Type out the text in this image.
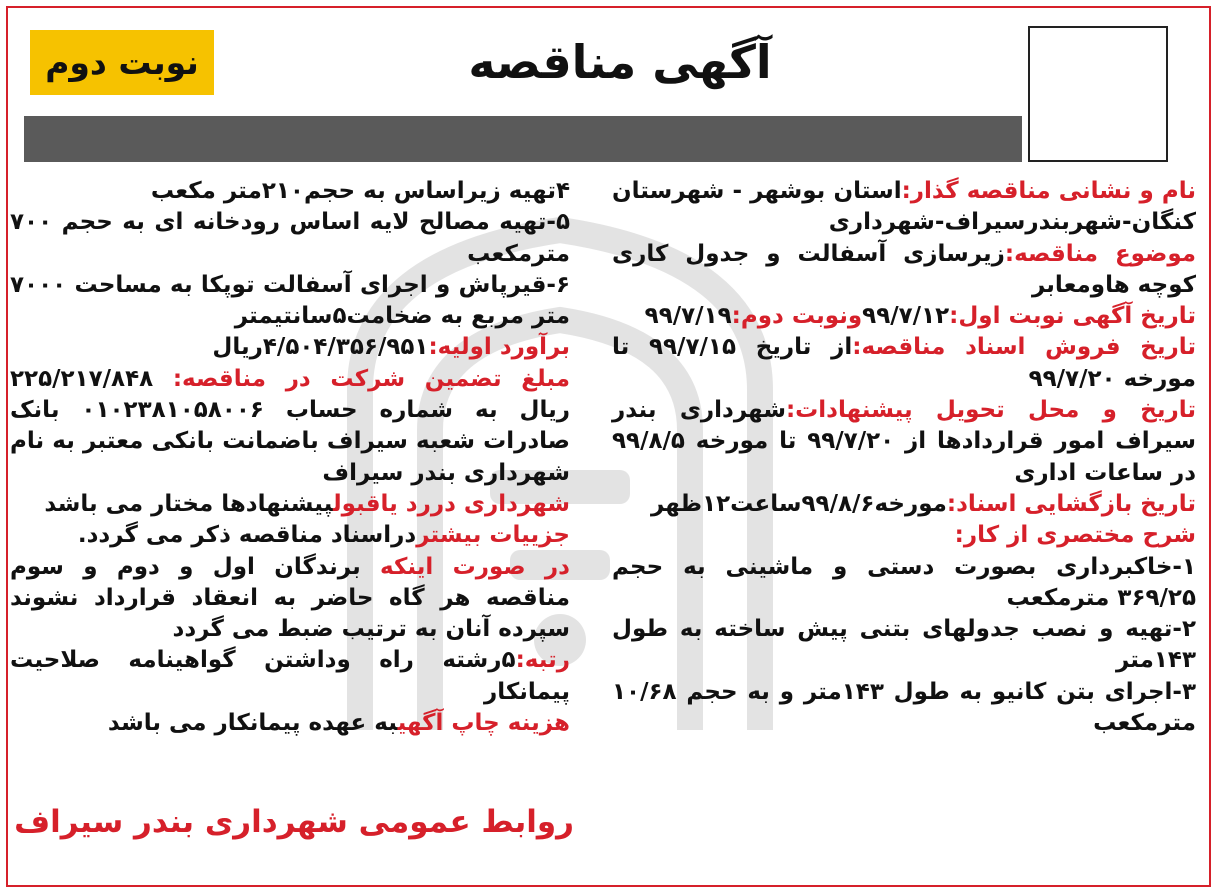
نوبت دوم	آگهی مناقصه

نام و نشانی مناقصه گذار:استان بوشهر - شهرستان کنگان-شهربندرسیراف-شهرداری

موضوع مناقصه:زیرسازی آسفالت و جدول کاری کوچه هاومعابر

تاریخ آگهی نوبت اول:۹۹/۷/۱۲ونوبت دوم:۹۹/۷/۱۹

تاریخ فروش اسناد مناقصه:از تاریخ ۹۹/۷/۱۵ تا مورخه ۹۹/۷/۲۰

تاریخ و محل تحویل پیشنهادات:شهرداری بندر سیراف امور قراردادها از ۹۹/۷/۲۰ تا مورخه ۹۹/۸/۵ در ساعات اداری

تاریخ بازگشایی اسناد:مورخه۹۹/۸/۶ساعت۱۲ظهر

شرح مختصری از کار:

۱-خاکبرداری بصورت دستی و ماشینی به حجم ۳۶۹/۲۵ مترمکعب

۲-تهیه و نصب جدولهای بتنی پیش ساخته به طول ۱۴۳متر

۳-اجرای بتن کانیو به طول ۱۴۳متر و به حجم ۱۰/۶۸ مترمکعب

۴تهیه زیراساس به حجم۲۱۰متر مکعب

۵-تهیه مصالح لایه اساس رودخانه ای به حجم ۷۰۰ مترمکعب

۶-قیرپاش و اجرای آسفالت توپکا به مساحت ۷۰۰۰ متر مربع به ضخامت۵سانتیمتر

برآورد اولیه:۴/۵۰۴/۳۵۶/۹۵۱ریال

مبلغ تضمین شرکت در مناقصه: ۲۲۵/۲۱۷/۸۴۸ ریال به شماره حساب ۰۱۰۲۳۸۱۰۵۸۰۰۶ بانک صادرات شعبه سیراف باضمانت بانکی معتبر به نام شهرداری بندر سیراف

شهرداری دررد یاقبولپیشنهادها مختار می باشد

جزییات بیشتردراسناد مناقصه ذکر می گردد.

در صورت اینکه برندگان اول و دوم و سوم مناقصه هر گاه حاضر به انعقاد قرارداد نشوند سپرده آنان به ترتیب ضبط می گردد

رتبه:۵رشته راه وداشتن گواهینامه صلاحیت پیمانکار

هزینه چاپ آگهیبه عهده پیمانکار می باشد

روابط عمومی شهرداری بندر سیراف
